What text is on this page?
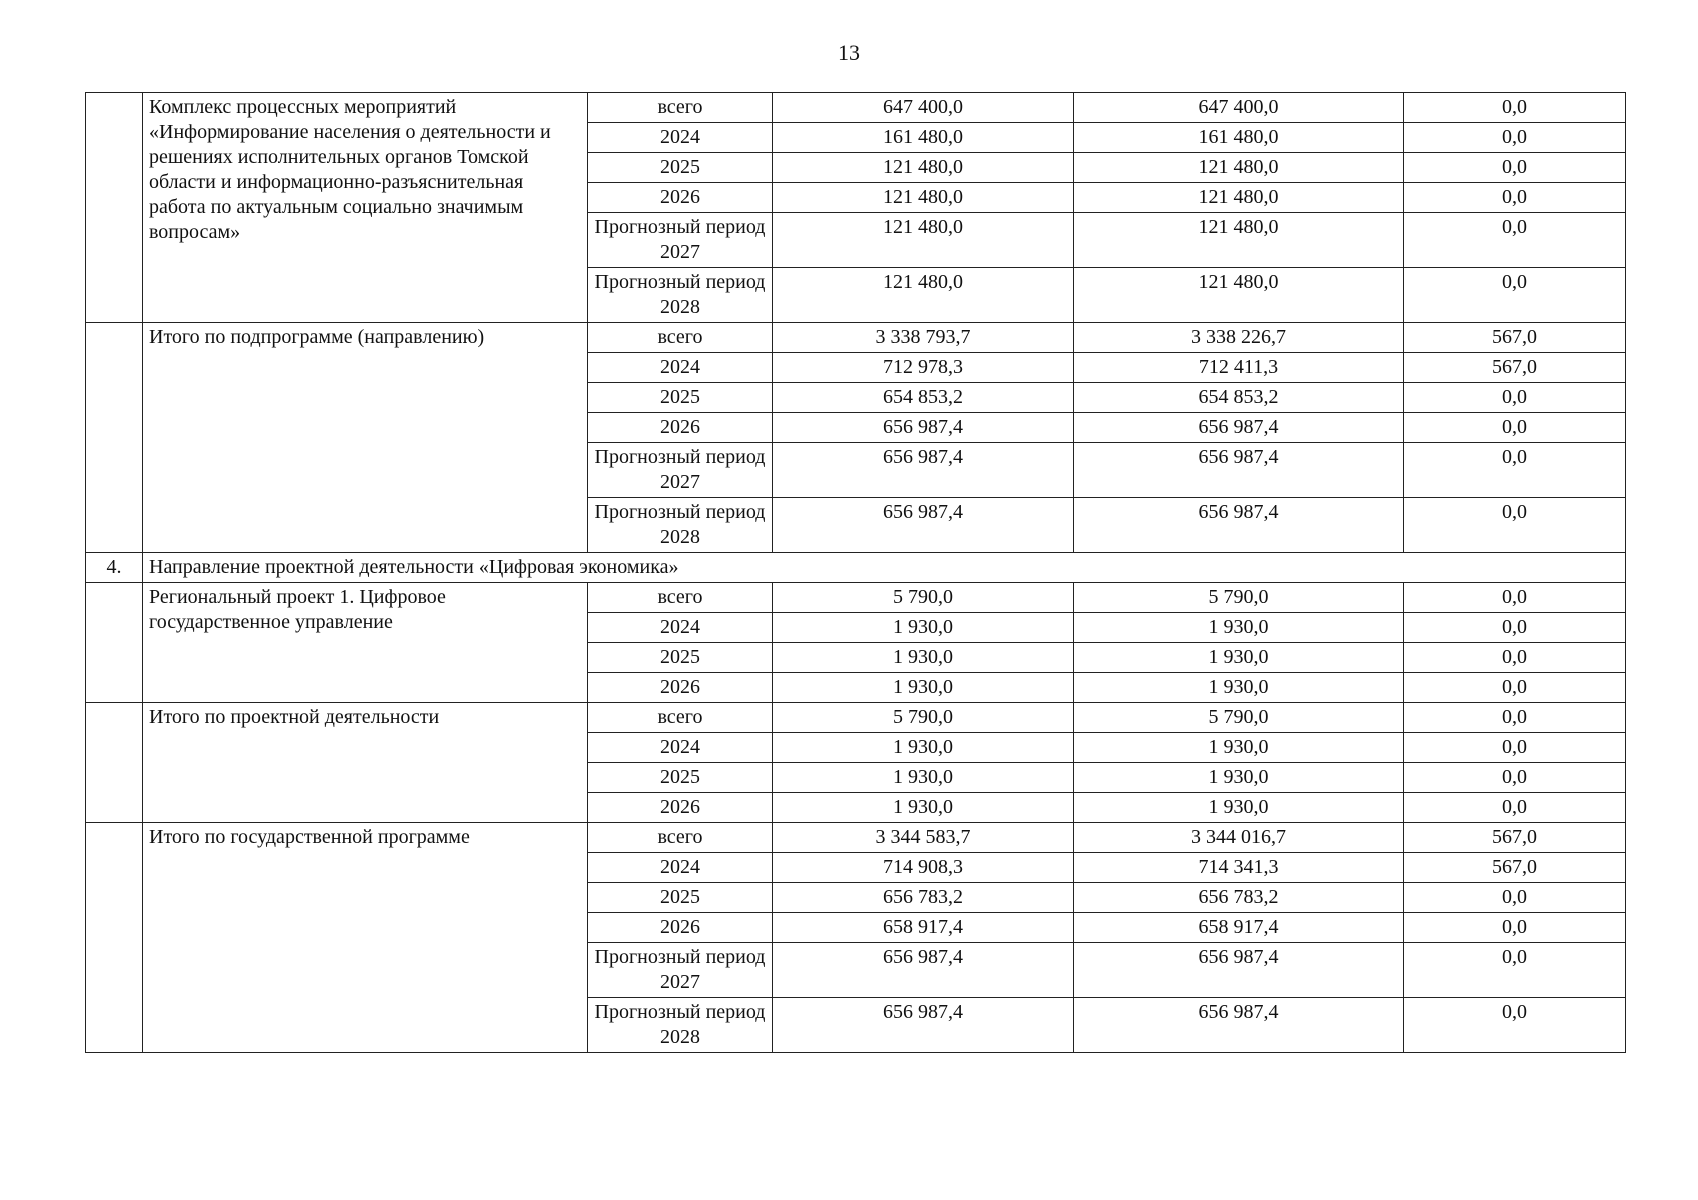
13
	Комплекс процессных мероприятий «Информирование населения о деятельности и решениях исполнительных органов Томской области и информационно-разъяснительная работа по актуальным социально значимым вопросам»	всего	647 400,0	647 400,0	0,0
		2024	161 480,0	161 480,0	0,0
		2025	121 480,0	121 480,0	0,0
		2026	121 480,0	121 480,0	0,0
		Прогнозный период 2027	121 480,0	121 480,0	0,0
		Прогнозный период 2028	121 480,0	121 480,0	0,0
	Итого по подпрограмме (направлению)	всего	3 338 793,7	3 338 226,7	567,0
		2024	712 978,3	712 411,3	567,0
		2025	654 853,2	654 853,2	0,0
		2026	656 987,4	656 987,4	0,0
		Прогнозный период 2027	656 987,4	656 987,4	0,0
		Прогнозный период 2028	656 987,4	656 987,4	0,0
4.	Направление проектной деятельности «Цифровая экономика»				
	Региональный проект 1. Цифровое государственное управление	всего	5 790,0	5 790,0	0,0
		2024	1 930,0	1 930,0	0,0
		2025	1 930,0	1 930,0	0,0
		2026	1 930,0	1 930,0	0,0
	Итого по проектной деятельности	всего	5 790,0	5 790,0	0,0
		2024	1 930,0	1 930,0	0,0
		2025	1 930,0	1 930,0	0,0
		2026	1 930,0	1 930,0	0,0
	Итого по государственной программе	всего	3 344 583,7	3 344 016,7	567,0
		2024	714 908,3	714 341,3	567,0
		2025	656 783,2	656 783,2	0,0
		2026	658 917,4	658 917,4	0,0
		Прогнозный период 2027	656 987,4	656 987,4	0,0
		Прогнозный период 2028	656 987,4	656 987,4	0,0
